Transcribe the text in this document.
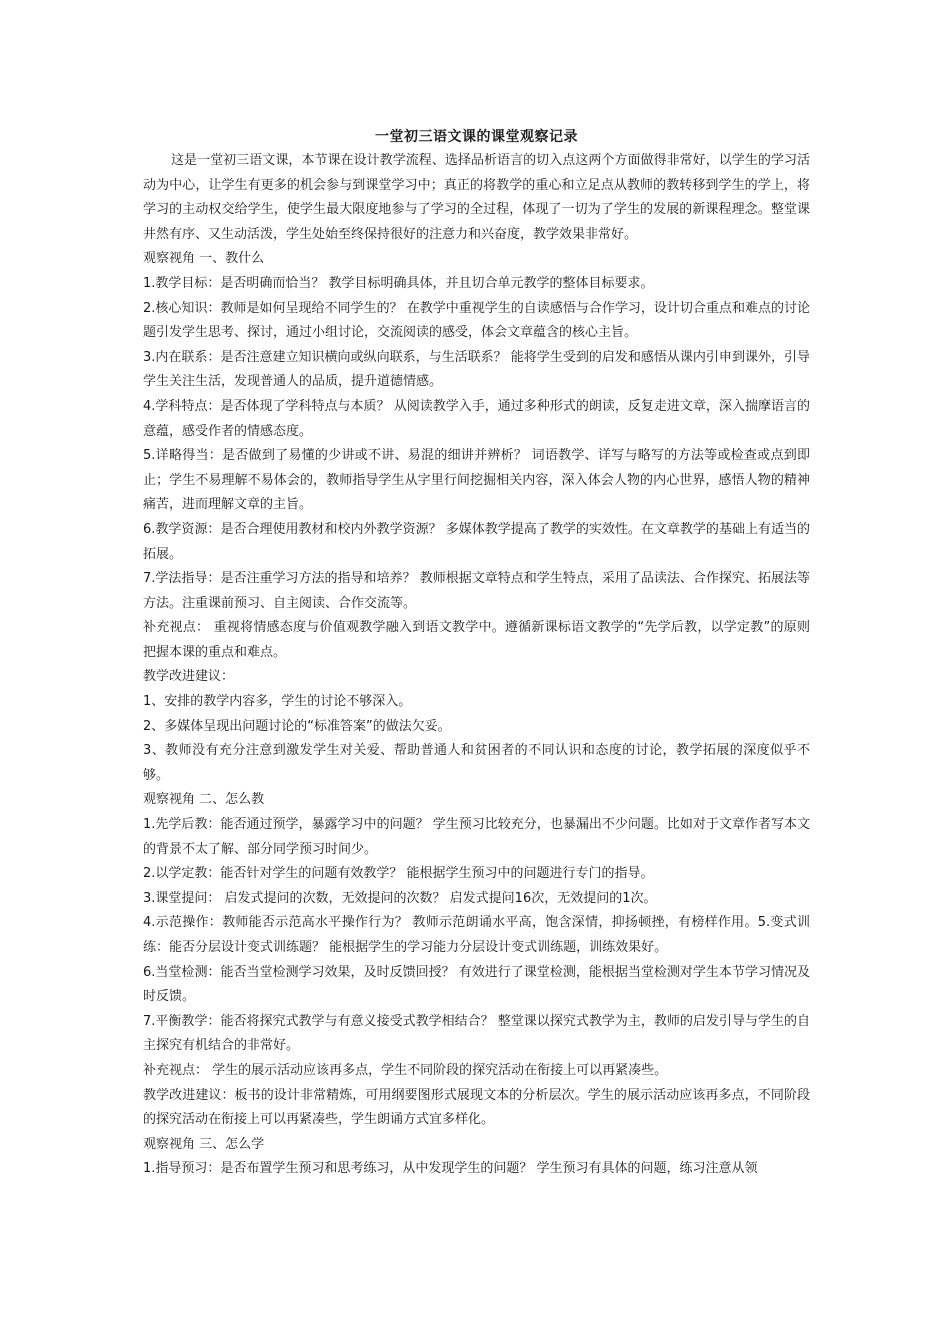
一堂初三语文课的课堂观察记录

这是一堂初三语文课，本节课在设计教学流程、选择品析语言的切入点这两个方面做得非常好，以学生的学习活动为中心，让学生有更多的机会参与到课堂学习中；真正的将教学的重心和立足点从教师的教转移到学生的学上，将学习的主动权交给学生，使学生最大限度地参与了学习的全过程，体现了一切为了学生的发展的新课程理念。整堂课井然有序、又生动活泼，学生处始至终保持很好的注意力和兴奋度，教学效果非常好。

观察视角 一、教什么

1.教学目标：是否明确而恰当？ 教学目标明确具体，并且切合单元教学的整体目标要求。

2.核心知识：教师是如何呈现给不同学生的？ 在教学中重视学生的自读感悟与合作学习，设计切合重点和难点的讨论题引发学生思考、探讨，通过小组讨论，交流阅读的感受，体会文章蕴含的核心主旨。

3.内在联系：是否注意建立知识横向或纵向联系，与生活联系？ 能将学生受到的启发和感悟从课内引申到课外，引导学生关注生活，发现普通人的品质，提升道德情感。

4.学科特点：是否体现了学科特点与本质？ 从阅读教学入手，通过多种形式的朗读，反复走进文章，深入揣摩语言的意蕴，感受作者的情感态度。

5.详略得当：是否做到了易懂的少讲或不讲、易混的细讲并辨析？ 词语教学、详写与略写的方法等或检查或点到即止；学生不易理解不易体会的，教师指导学生从字里行间挖掘相关内容，深入体会人物的内心世界，感悟人物的精神痛苦，进而理解文章的主旨。

6.教学资源：是否合理使用教材和校内外教学资源？ 多媒体教学提高了教学的实效性。在文章教学的基础上有适当的拓展。

7.学法指导：是否注重学习方法的指导和培养？ 教师根据文章特点和学生特点，采用了品读法、合作探究、拓展法等方法。注重课前预习、自主阅读、合作交流等。

补充视点： 重视将情感态度与价值观教学融入到语文教学中。遵循新课标语文教学的“先学后教，以学定教”的原则把握本课的重点和难点。

教学改进建议：

1、安排的教学内容多，学生的讨论不够深入。

2、多媒体呈现出问题讨论的“标准答案”的做法欠妥。

3、教师没有充分注意到激发学生对关爱、帮助普通人和贫困者的不同认识和态度的讨论，教学拓展的深度似乎不够。

观察视角 二、怎么教

1.先学后教：能否通过预学，暴露学习中的问题？ 学生预习比较充分，也暴漏出不少问题。比如对于文章作者写本文的背景不太了解、部分同学预习时间少。

2.以学定教：能否针对学生的问题有效教学？ 能根据学生预习中的问题进行专门的指导。

3.课堂提问： 启发式提问的次数，无效提问的次数？ 启发式提问16次，无效提问的1次。

4.示范操作：教师能否示范高水平操作行为？ 教师示范朗诵水平高，饱含深情，抑扬顿挫，有榜样作用。5.变式训练：能否分层设计变式训练题？ 能根据学生的学习能力分层设计变式训练题，训练效果好。

6.当堂检测：能否当堂检测学习效果，及时反馈回授？ 有效进行了课堂检测，能根据当堂检测对学生本节学习情况及时反馈。

7.平衡教学：能否将探究式教学与有意义接受式教学相结合？ 整堂课以探究式教学为主，教师的启发引导与学生的自主探究有机结合的非常好。

补充视点： 学生的展示活动应该再多点，学生不同阶段的探究活动在衔接上可以再紧凑些。

教学改进建议：板书的设计非常精炼，可用纲要图形式展现文本的分析层次。学生的展示活动应该再多点，不同阶段的探究活动在衔接上可以再紧凑些，学生朗诵方式宜多样化。

观察视角 三、怎么学

1.指导预习：是否布置学生预习和思考练习，从中发现学生的问题？ 学生预习有具体的问题，练习注意从领
